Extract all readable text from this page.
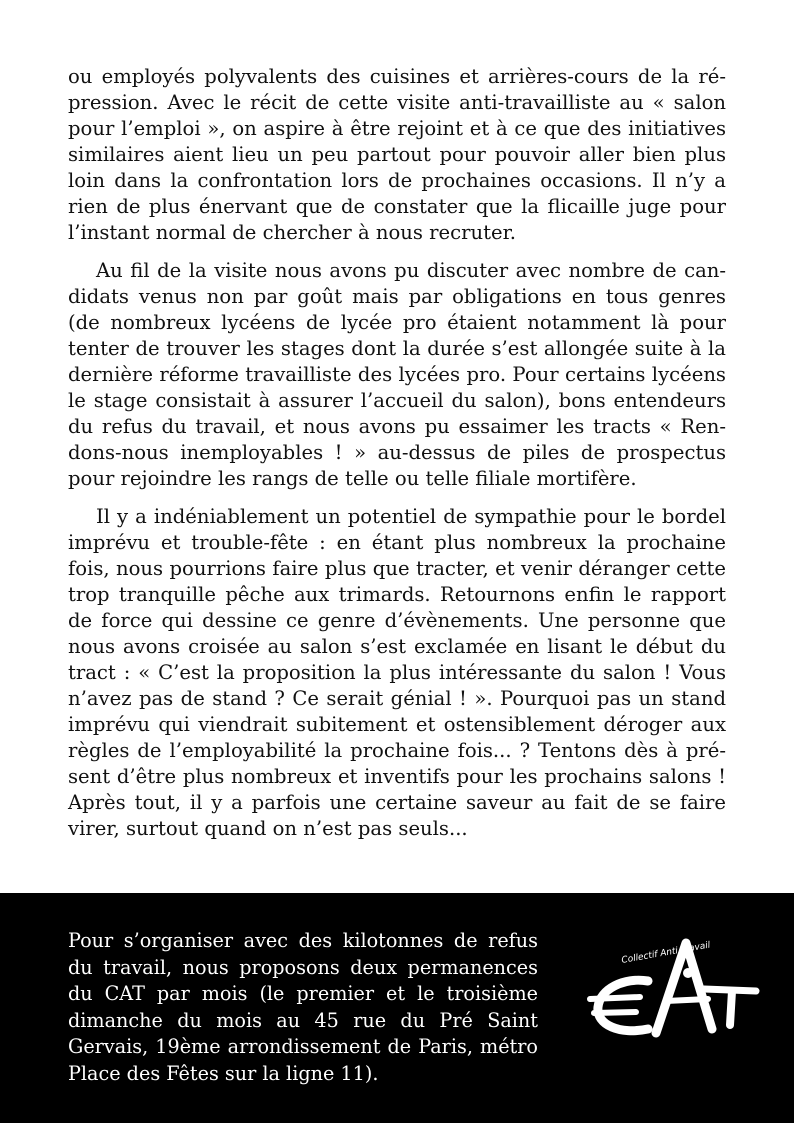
ou employés polyvalents des cuisines et arrières-cours de la répression. Avec le récit de cette visite anti-travailliste au « salon pour l’emploi », on aspire à être rejoint et à ce que des initiatives similaires aient lieu un peu partout pour pouvoir aller bien plus loin dans la confrontation lors de prochaines occasions. Il n’y a rien de plus énervant que de constater que la flicaille juge pour l’instant normal de chercher à nous recruter.

Au fil de la visite nous avons pu discuter avec nombre de candidats venus non par goût mais par obligations en tous genres (de nombreux lycéens de lycée pro étaient notamment là pour tenter de trouver les stages dont la durée s’est allongée suite à la dernière réforme travailliste des lycées pro. Pour certains lycéens le stage consistait à assurer l’accueil du salon), bons entendeurs du refus du travail, et nous avons pu essaimer les tracts « Rendons-nous inemployables ! » au-dessus de piles de prospectus pour rejoindre les rangs de telle ou telle filiale mortifère.

Il y a indéniablement un potentiel de sympathie pour le bordel imprévu et trouble-fête : en étant plus nombreux la prochaine fois, nous pourrions faire plus que tracter, et venir déranger cette trop tranquille pêche aux trimards. Retournons enfin le rapport de force qui dessine ce genre d’évènements. Une personne que nous avons croisée au salon s’est exclamée en lisant le début du tract : « C’est la proposition la plus intéressante du salon ! Vous n’avez pas de stand ? Ce serait génial ! ». Pourquoi pas un stand imprévu qui viendrait subitement et ostensiblement déroger aux règles de l’employabilité la prochaine fois... ? Tentons dès à présent d’être plus nombreux et inventifs pour les prochains salons ! Après tout, il y a parfois une certaine saveur au fait de se faire virer, surtout quand on n’est pas seuls...

Pour s’organiser avec des kilotonnes de refus du travail, nous proposons deux permanences du CAT par mois (le premier et le troisième dimanche du mois au 45 rue du Pré Saint Gervais, 19ème arrondissement de Paris, métro Place des Fêtes sur la ligne 11).

Collectif Anti Travail
